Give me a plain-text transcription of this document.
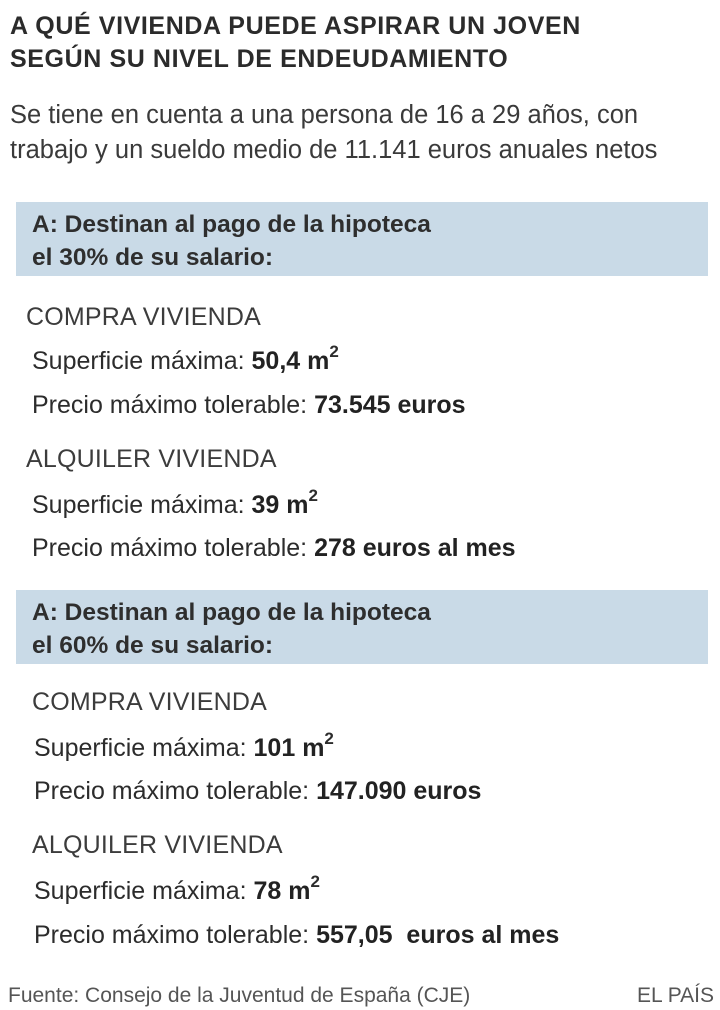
A QUÉ VIVIENDA PUEDE ASPIRAR UN JOVEN
SEGÚN SU NIVEL DE ENDEUDAMIENTO

Se tiene en cuenta a una persona de 16 a 29 años, con
trabajo y un sueldo medio de 11.141 euros anuales netos

A: Destinan al pago de la hipoteca
el 30% de su salario:
COMPRA VIVIENDA
Superficie máxima: 50,4 $m^2$
Precio máximo tolerable: 73.545 euros
ALQUILER VIVIENDA
Superficie máxima: 39 $m^2$
Precio máximo tolerable: 278 euros al mes
A: Destinan al pago de la hipoteca
el 60% de su salario:
COMPRA VIVIENDA
Superficie máxima: 101 $m^2$
Precio máximo tolerable: 147.090 euros
ALQUILER VIVIENDA
Superficie máxima: 78 $m^2$
Precio máximo tolerable: 557,05  euros al mes
Fuente: Consejo de la Juventud de España (CJE)	EL PAÍS
